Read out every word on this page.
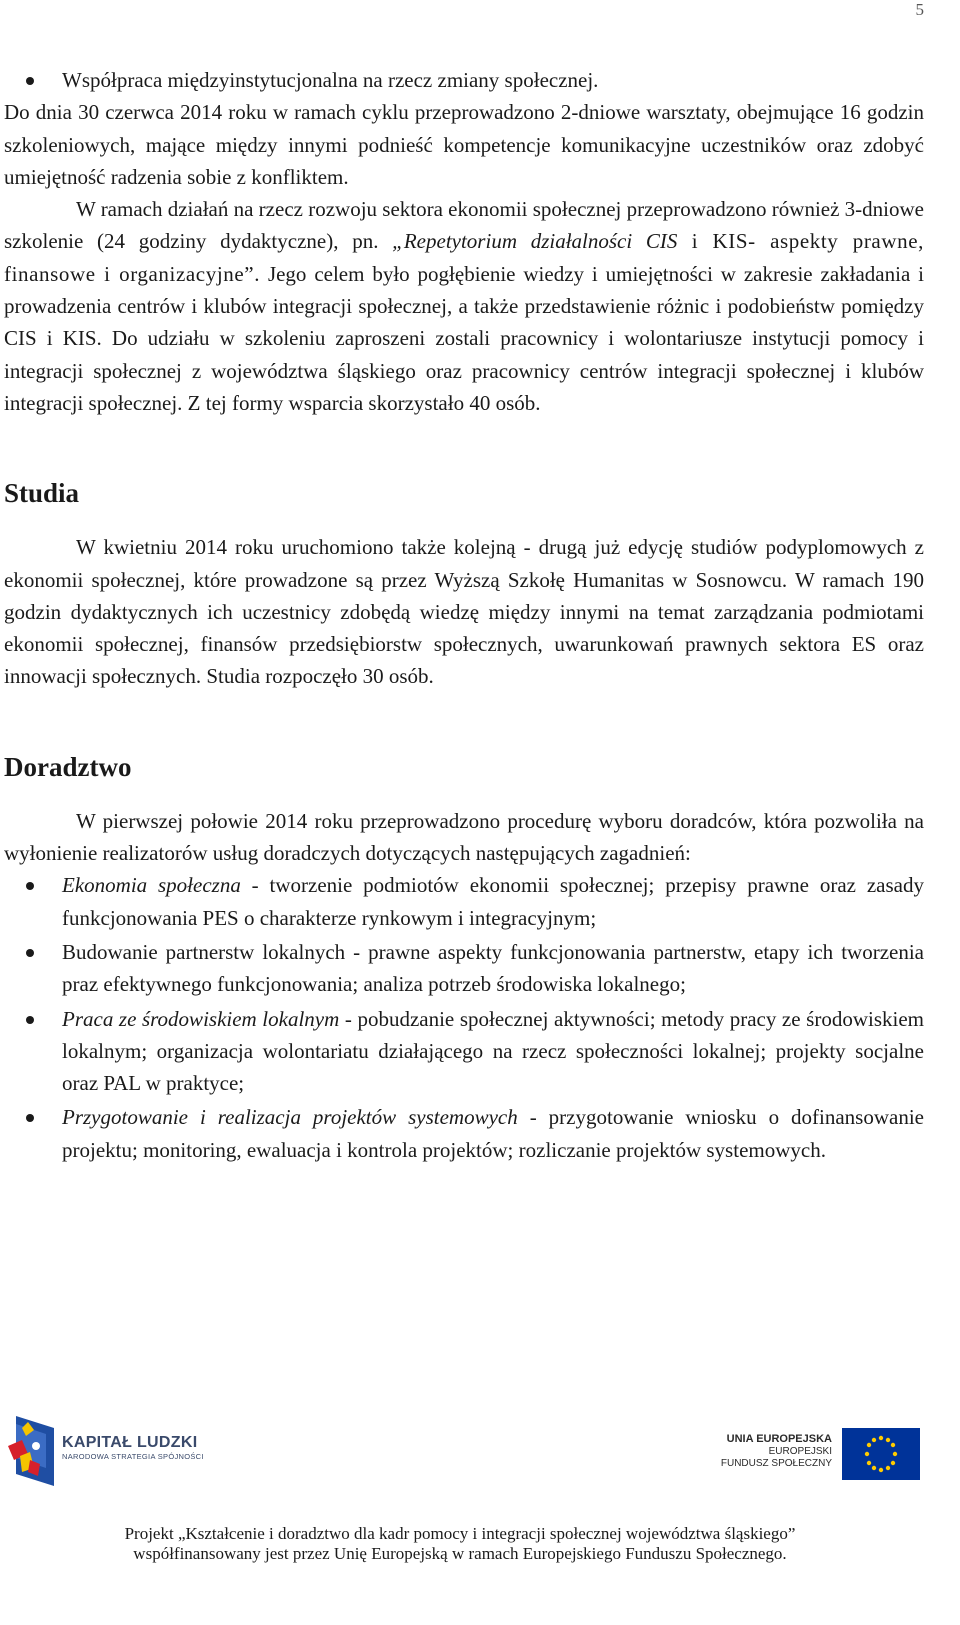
5
Współpraca międzyinstytucjonalna na rzecz zmiany społecznej.

Do dnia 30 czerwca 2014 roku w ramach cyklu przeprowadzono 2-dniowe warsztaty, obejmujące 16 godzin szkoleniowych, mające między innymi podnieść kompetencje komunikacyjne uczestników oraz zdobyć umiejętność radzenia sobie z konfliktem.

W ramach działań na rzecz rozwoju sektora ekonomii społecznej przeprowadzono również 3-dniowe szkolenie (24 godziny dydaktyczne), pn. „Repetytorium działalności CIS i KIS- aspekty prawne, finansowe i organizacyjne”. Jego celem było pogłębienie wiedzy i umiejętności w zakresie zakładania i prowadzenia centrów i klubów integracji społecznej, a także przedstawienie różnic i podobieństw pomiędzy CIS i KIS. Do udziału w szkoleniu zaproszeni zostali pracownicy i wolontariusze instytucji pomocy i integracji społecznej z województwa śląskiego oraz pracownicy centrów integracji społecznej i klubów integracji społecznej. Z tej formy wsparcia skorzystało 40 osób.

Studia

W kwietniu 2014 roku uruchomiono także kolejną - drugą już edycję studiów podyplomowych z ekonomii społecznej, które prowadzone są przez Wyższą Szkołę Humanitas w Sosnowcu. W ramach 190 godzin dydaktycznych ich uczestnicy zdobędą wiedzę między innymi na temat zarządzania podmiotami ekonomii społecznej, finansów przedsiębiorstw społecznych, uwarunkowań prawnych sektora ES oraz innowacji społecznych. Studia rozpoczęło 30 osób.

Doradztwo

W pierwszej połowie 2014 roku przeprowadzono procedurę wyboru doradców, która pozwoliła na wyłonienie realizatorów usług doradczych dotyczących następujących zagadnień:

Ekonomia społeczna - tworzenie podmiotów ekonomii społecznej; przepisy prawne oraz zasady funkcjonowania PES o charakterze rynkowym i integracyjnym;
Budowanie partnerstw lokalnych - prawne aspekty funkcjonowania partnerstw, etapy ich tworzenia praz efektywnego funkcjonowania; analiza potrzeb środowiska lokalnego;
Praca ze środowiskiem lokalnym - pobudzanie społecznej aktywności; metody pracy ze środowiskiem lokalnym; organizacja wolontariatu działającego na rzecz społeczności lokalnej; projekty socjalne oraz PAL w praktyce;
Przygotowanie i realizacja projektów systemowych - przygotowanie wniosku o dofinansowanie projektu; monitoring, ewaluacja i kontrola projektów; rozliczanie projektów systemowych.
KAPITAŁ LUDZKI
NARODOWA STRATEGIA SPÓJNOŚCI
UNIA EUROPEJSKA
EUROPEJSKI
FUNDUSZ SPOŁECZNY
Projekt „Kształcenie i doradztwo dla kadr pomocy i integracji społecznej województwa śląskiego”
współfinansowany jest przez Unię Europejską w ramach Europejskiego Funduszu Społecznego.
